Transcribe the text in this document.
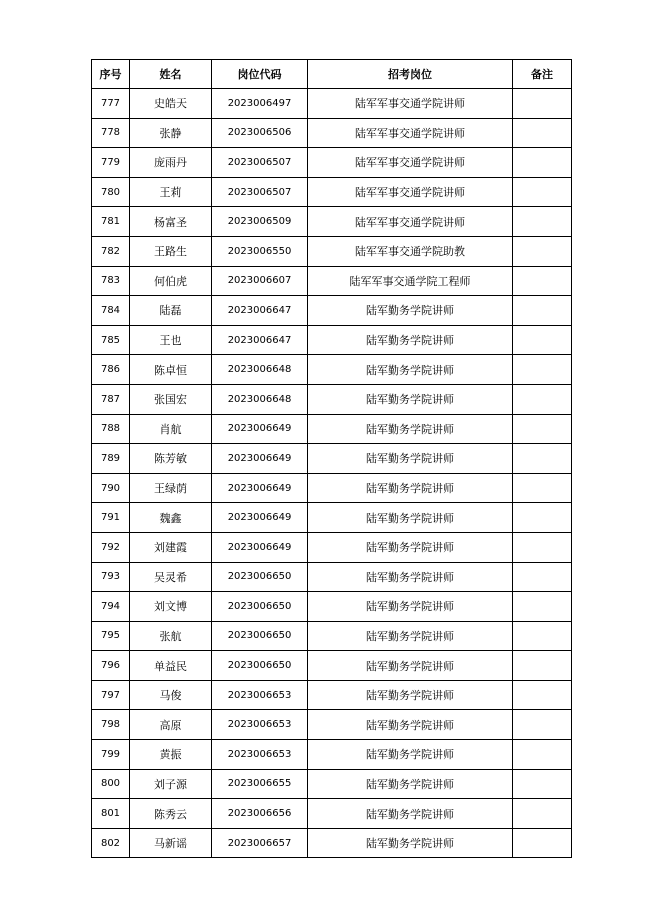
序号	姓名	岗位代码	招考岗位	备注
777	史皓天	2023006497	陆军军事交通学院讲师	
778	张静	2023006506	陆军军事交通学院讲师	
779	庞雨丹	2023006507	陆军军事交通学院讲师	
780	王莉	2023006507	陆军军事交通学院讲师	
781	杨富圣	2023006509	陆军军事交通学院讲师	
782	王路生	2023006550	陆军军事交通学院助教	
783	何伯虎	2023006607	陆军军事交通学院工程师	
784	陆磊	2023006647	陆军勤务学院讲师	
785	王也	2023006647	陆军勤务学院讲师	
786	陈卓恒	2023006648	陆军勤务学院讲师	
787	张国宏	2023006648	陆军勤务学院讲师	
788	肖航	2023006649	陆军勤务学院讲师	
789	陈芳敏	2023006649	陆军勤务学院讲师	
790	王绿荫	2023006649	陆军勤务学院讲师	
791	魏鑫	2023006649	陆军勤务学院讲师	
792	刘建霞	2023006649	陆军勤务学院讲师	
793	吴灵希	2023006650	陆军勤务学院讲师	
794	刘文博	2023006650	陆军勤务学院讲师	
795	张航	2023006650	陆军勤务学院讲师	
796	单益民	2023006650	陆军勤务学院讲师	
797	马俊	2023006653	陆军勤务学院讲师	
798	高原	2023006653	陆军勤务学院讲师	
799	黄振	2023006653	陆军勤务学院讲师	
800	刘子源	2023006655	陆军勤务学院讲师	
801	陈秀云	2023006656	陆军勤务学院讲师	
802	马新谣	2023006657	陆军勤务学院讲师	
